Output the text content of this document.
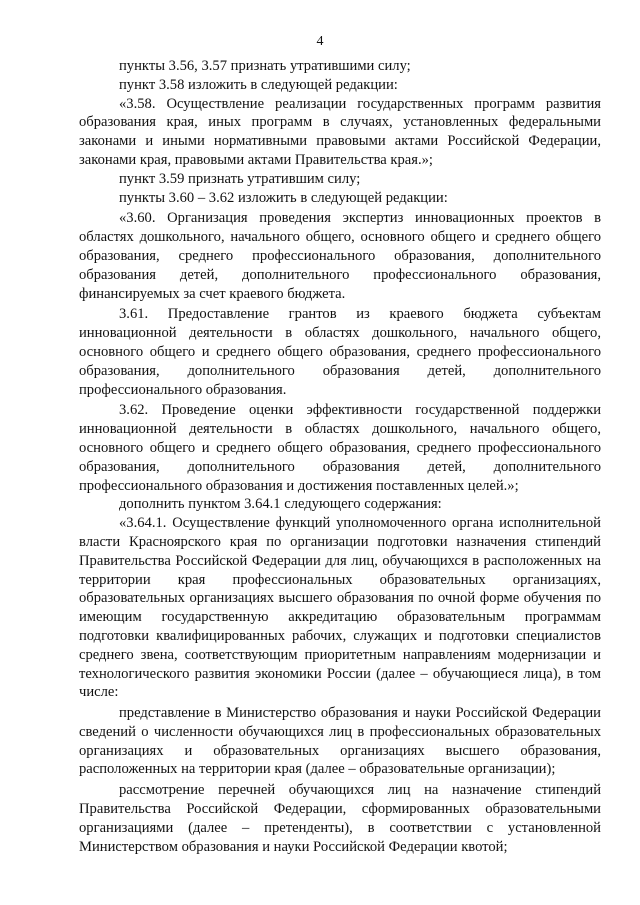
4

пункты 3.56, 3.57 признать утратившими силу;

пункт 3.58 изложить в следующей редакции:

«3.58. Осуществление реализации государственных программ развития образования края, иных программ в случаях, установленных федеральными законами и иными нормативными правовыми актами Российской Федерации, законами края, правовыми актами Правительства края.»;

пункт 3.59 признать утратившим силу;

пункты 3.60 – 3.62 изложить в следующей редакции:

«3.60. Организация проведения экспертиз инновационных проектов в областях дошкольного, начального общего, основного общего и среднего общего образования, среднего профессионального образования, дополнительного образования детей, дополнительного профессионального образования, финансируемых за счет краевого бюджета.

3.61. Предоставление грантов из краевого бюджета субъектам инновационной деятельности в областях дошкольного, начального общего, основного общего и среднего общего образования, среднего профессионального образования, дополнительного образования детей, дополнительного профессионального образования.

3.62. Проведение оценки эффективности государственной поддержки инновационной деятельности в областях дошкольного, начального общего, основного общего и среднего общего образования, среднего профессионального образования, дополнительного образования детей, дополнительного профессионального образования и достижения поставленных целей.»;

дополнить пунктом 3.64.1 следующего содержания:

«3.64.1. Осуществление функций уполномоченного органа исполнительной власти Красноярского края по организации подготовки назначения стипендий Правительства Российской Федерации для лиц, обучающихся в расположенных на территории края профессиональных образовательных организациях, образовательных организациях высшего образования по очной форме обучения по имеющим государственную аккредитацию образовательным программам подготовки квалифицированных рабочих, служащих и подготовки специалистов среднего звена, соответствующим приоритетным направлениям модернизации и технологического развития экономики России (далее – обучающиеся лица), в том числе:

представление в Министерство образования и науки Российской Федерации сведений о численности обучающихся лиц в профессиональных образовательных организациях и образовательных организациях высшего образования, расположенных на территории края (далее – образовательные организации);

рассмотрение перечней обучающихся лиц на назначение стипендий Правительства Российской Федерации, сформированных образовательными организациями (далее – претенденты), в соответствии с установленной Министерством образования и науки Российской Федерации квотой;
